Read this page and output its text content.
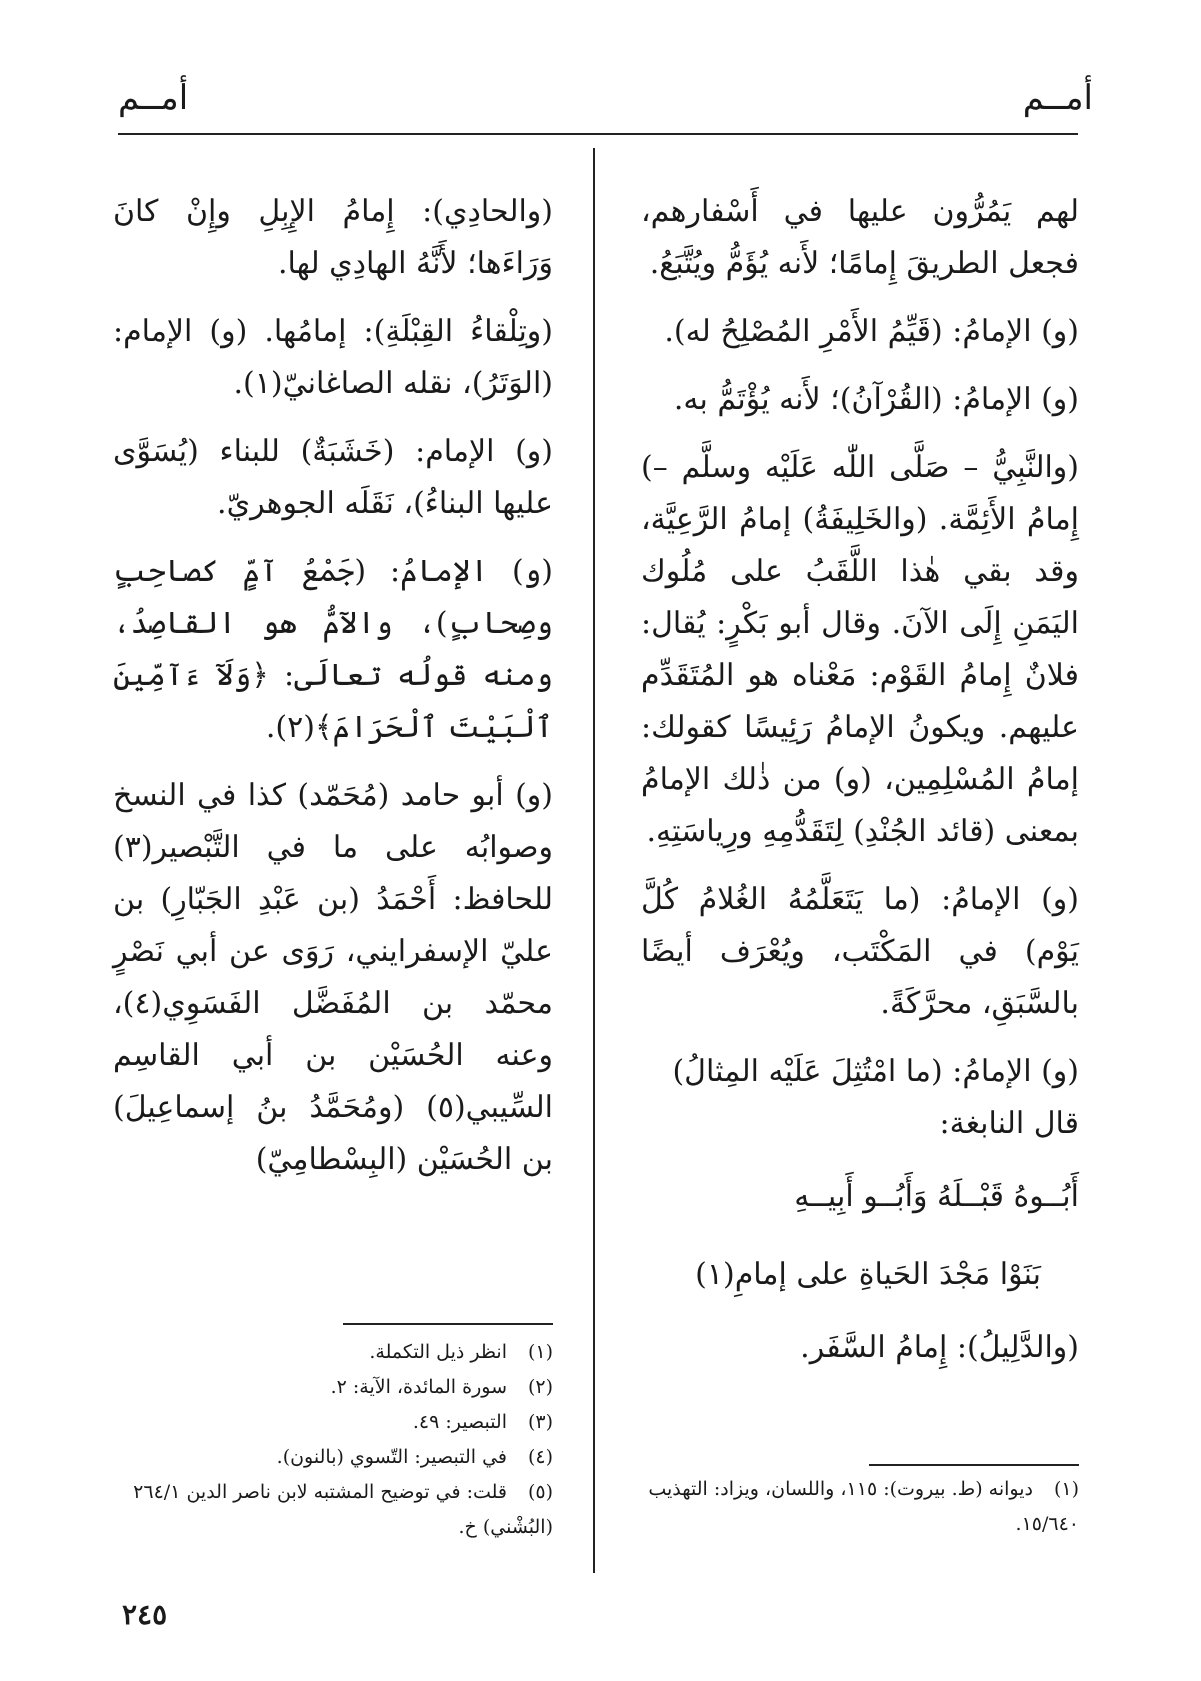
أمــم
أمــم

لهم يَمُرُّون عليها في أَسْفارهم، فجعل الطريقَ إِمامًا؛ لأَنه يُؤَمُّ ويُتَّبَعُ.

(و) الإمامُ: (قَيِّمُ الأَمْرِ المُصْلِحُ له).

(و) الإمامُ: (القُرْآنُ)؛ لأَنه يُؤْتَمُّ به.

(والنَّبِيُّ – صَلَّى اللّٰه عَلَيْه وسلَّم –) إِمامُ الأَئِمَّة. (والخَلِيفَةُ) إمامُ الرَّعِيَّة، وقد بقي هٰذا اللَّقَبُ على مُلُوك اليَمَنِ إِلَى الآنَ. وقال أبو بَكْرٍ: يُقال: فلانٌ إِمامُ القَوْم: مَعْناه هو المُتَقَدِّم عليهم. ويكونُ الإمامُ رَئِيسًا كقولك: إمامُ المُسْلِمِين، (و) من ذٰلك الإمامُ بمعنى (قائد الجُنْدِ) لِتَقَدُّمِهِ ورِياسَتِهِ.

(و) الإمامُ: (ما يَتَعَلَّمُهُ الغُلامُ كُلَّ يَوْم) في المَكْتَب، ويُعْرَف أيضًا بالسَّبَقِ، محرَّكَةً.

(و) الإمامُ: (ما امْتُثِلَ عَلَيْه المِثالُ)

قال النابغة:

أَبُــوهُ قَبْــلَهُ وَأَبُــو أَبِيــهِ

بَنَوْا مَجْدَ الحَياةِ على إمامِ(١)

(والدَّلِيلُ): إِمامُ السَّفَر.

(والحادِي): إِمامُ الإِبِلِ وإِنْ كانَ وَرَاءَها؛ لأَنَّهُ الهادِي لها.

(وتِلْقاءُ القِبْلَةِ): إمامُها. (و) الإمام: (الوَتَرُ)، نقله الصاغانيّ(١).

(و) الإمام: (خَشَبَةٌ) للبناء (يُسَوَّى عليها البناءُ)، نَقَلَه الجوهريّ.

(و) الإمامُ: (جَمْعُ آمٍّ كصاحِبٍ وصِحابٍ)، والآمُّ هو القاصِدُ، ومنه قولُه تعالَى: ﴿وَلَآ ءَآمِّينَ ٱلْبَيْتَ ٱلْحَرَامَ﴾(٢).

(و) أبو حامد (مُحَمّد) كذا في النسخ وصوابُه على ما في التَّبْصير(٣) للحافظ: أَحْمَدُ (بن عَبْدِ الجَبّارِ) بن عليّ الإسفرايني، رَوَى عن أبي نَصْرٍ محمّد بن المُفَضَّل الفَسَوِي(٤)، وعنه الحُسَيْن بن أبي القاسِم السِّيبي(٥) (ومُحَمَّدُ بنُ إسماعِيلَ) بن الحُسَيْن (البِسْطامِيّ)

(١)انظر ذيل التكملة.
(٢)سورة المائدة، الآية: ٢.
(٣)التبصير: ٤٩.
(٤)في التبصير: التّسوي (بالنون).
(٥)قلت: في توضيح المشتبه لابن ناصر الدين ٢٦٤/١ (البُشْني) خ.
(١)ديوانه (ط. بيروت): ١١٥، واللسان، ويزاد: التهذيب ١٥/٦٤٠.
٢٤٥
